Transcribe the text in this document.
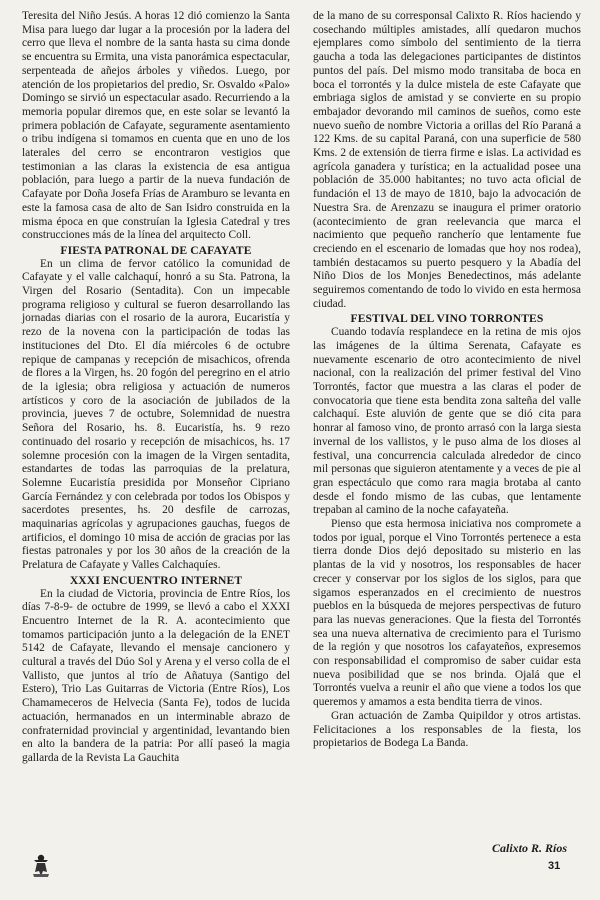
Teresita del Niño Jesús. A horas 12 dió comienzo la Santa Misa para luego dar lugar a la procesión por la ladera del cerro que lleva el nombre de la santa hasta su cima donde se encuentra su Ermita, una vista panorámica espectacular, serpenteada de añejos árboles y viñedos. Luego, por atención de los propietarios del predio, Sr. Osvaldo «Palo» Domingo se sirvió un espectacular asado. Recurriendo a la memoria popular diremos que, en este solar se levantó la primera población de Cafayate, seguramente asentamiento o tribu indígena si tomamos en cuenta que en uno de los laterales del cerro se encontraron vestigios que testimonian a las claras la existencia de esa antigua población, para luego a partir de la nueva fundación de Cafayate por Doña Josefa Frías de Aramburo se levanta en este la famosa casa de alto de San Isidro construida en la misma época en que construían la Iglesia Catedral y tres construcciones más de la línea del arquitecto Coll.

FIESTA PATRONAL DE CAFAYATE

En un clima de fervor católico la comunidad de Cafayate y el valle calchaquí, honró a su Sta. Patrona, la Virgen del Rosario (Sentadita). Con un impecable programa religioso y cultural se fueron desarrollando las jornadas diarias con el rosario de la aurora, Eucaristía y rezo de la novena con la participación de todas las instituciones del Dto. El día miércoles 6 de octubre repique de campanas y recepción de misachicos, ofrenda de flores a la Virgen, hs. 20 fogón del peregrino en el atrio de la iglesia; obra religiosa y actuación de numeros artísticos y coro de la asociación de jubilados de la provincia, jueves 7 de octubre, Solemnidad de nuestra Señora del Rosario, hs. 8. Eucaristía, hs. 9 rezo continuado del rosario y recepción de misachicos, hs. 17 solemne procesión con la imagen de la Virgen sentadita, estandartes de todas las parroquias de la prelatura, Solemne Eucaristía presidida por Monseñor Cipriano García Fernández y con celebrada por todos los Obispos y sacerdotes presentes, hs. 20 desfile de carrozas, maquinarias agrícolas y agrupaciones gauchas, fuegos de artificios, el domingo 10 misa de acción de gracias por las fiestas patronales y por los 30 años de la creación de la Prelatura de Cafayate y Valles Calchaquíes.

XXXI ENCUENTRO INTERNET

En la ciudad de Victoria, provincia de Entre Ríos, los días 7-8-9- de octubre de 1999, se llevó a cabo el XXXI Encuentro Internet de la R. A. acontecimiento que tomamos participación junto a la delegación de la ENET 5142 de Cafayate, llevando el mensaje cancionero y cultural a través del Dúo Sol y Arena y el verso colla de el Vallisto, que juntos al trío de Añatuya (Santigo del Estero), Trio Las Guitarras de Victoria (Entre Ríos), Los Chamameceros de Helvecia (Santa Fe), todos de lucida actuación, hermanados en un interminable abrazo de confraternidad provincial y argentinidad, levantando bien en alto la bandera de la patria: Por allí paseó la magia gallarda de la Revista La Gauchita

de la mano de su corresponsal Calixto R. Ríos haciendo y cosechando múltiples amistades, allí quedaron muchos ejemplares como símbolo del sentimiento de la tierra gaucha a toda las delegaciones participantes de distintos puntos del país. Del mismo modo transitaba de boca en boca el torrontés y la dulce mistela de este Cafayate que embriaga siglos de amistad y se convierte en su propio embajador devorando mil caminos de sueños, como este nuevo sueño de nombre Victoria a orillas del Río Paraná a 122 Kms. de su capital Paraná, con una superficie de 580 Kms. 2 de extensión de tierra firme e islas. La actividad es agrícola ganadera y turística; en la actualidad posee una población de 35.000 habitantes; no tuvo acta oficial de fundación el 13 de mayo de 1810, bajo la advocación de Nuestra Sra. de Arenzazu se inaugura el primer oratorio (acontecimiento de gran reelevancia que marca el nacimiento que pequeño rancherío que lentamente fue creciendo en el escenario de lomadas que hoy nos rodea), también destacamos su puerto pesquero y la Abadía del Niño Dios de los Monjes Benedectinos, más adelante seguiremos comentando de todo lo vivido en esta hermosa ciudad.

FESTIVAL DEL VINO TORRONTES

Cuando todavía resplandece en la retina de mis ojos las imágenes de la última Serenata, Cafayate es nuevamente escenario de otro acontecimiento de nivel nacional, con la realización del primer festival del Vino Torrontés, factor que muestra a las claras el poder de convocatoria que tiene esta bendita zona salteña del valle calchaquí. Este aluvión de gente que se dió cita para honrar al famoso vino, de pronto arrasó con la larga siesta invernal de los vallistos, y le puso alma de los dioses al festival, una concurrencia calculada alrededor de cinco mil personas que siguieron atentamente y a veces de pie al gran espectáculo que como rara magia brotaba al canto desde el fondo mismo de las cubas, que lentamente trepaban al camino de la noche cafayateña.

Pienso que esta hermosa iniciativa nos compromete a todos por igual, porque el Vino Torrontés pertenece a esta tierra donde Dios dejó depositado su misterio en las plantas de la vid y nosotros, los responsables de hacer crecer y conservar por los siglos de los siglos, para que sigamos esperanzados en el crecimiento de nuestros pueblos en la búsqueda de mejores perspectivas de futuro para las nuevas generaciones. Que la fiesta del Torrontés sea una nueva alternativa de crecimiento para el Turismo de la región y que nosotros los cafayateños, expresemos con responsabilidad el compromiso de saber cuidar esta nueva posibilidad que se nos brinda. Ojalá que el Torrontés vuelva a reunir el año que viene a todos los que queremos y amamos a esta bendita tierra de vinos.

Gran actuación de Zamba Quipildor y otros artistas. Felicitaciones a los responsables de la fiesta, los propietarios de Bodega La Banda.

Calixto R. Ríos
31
